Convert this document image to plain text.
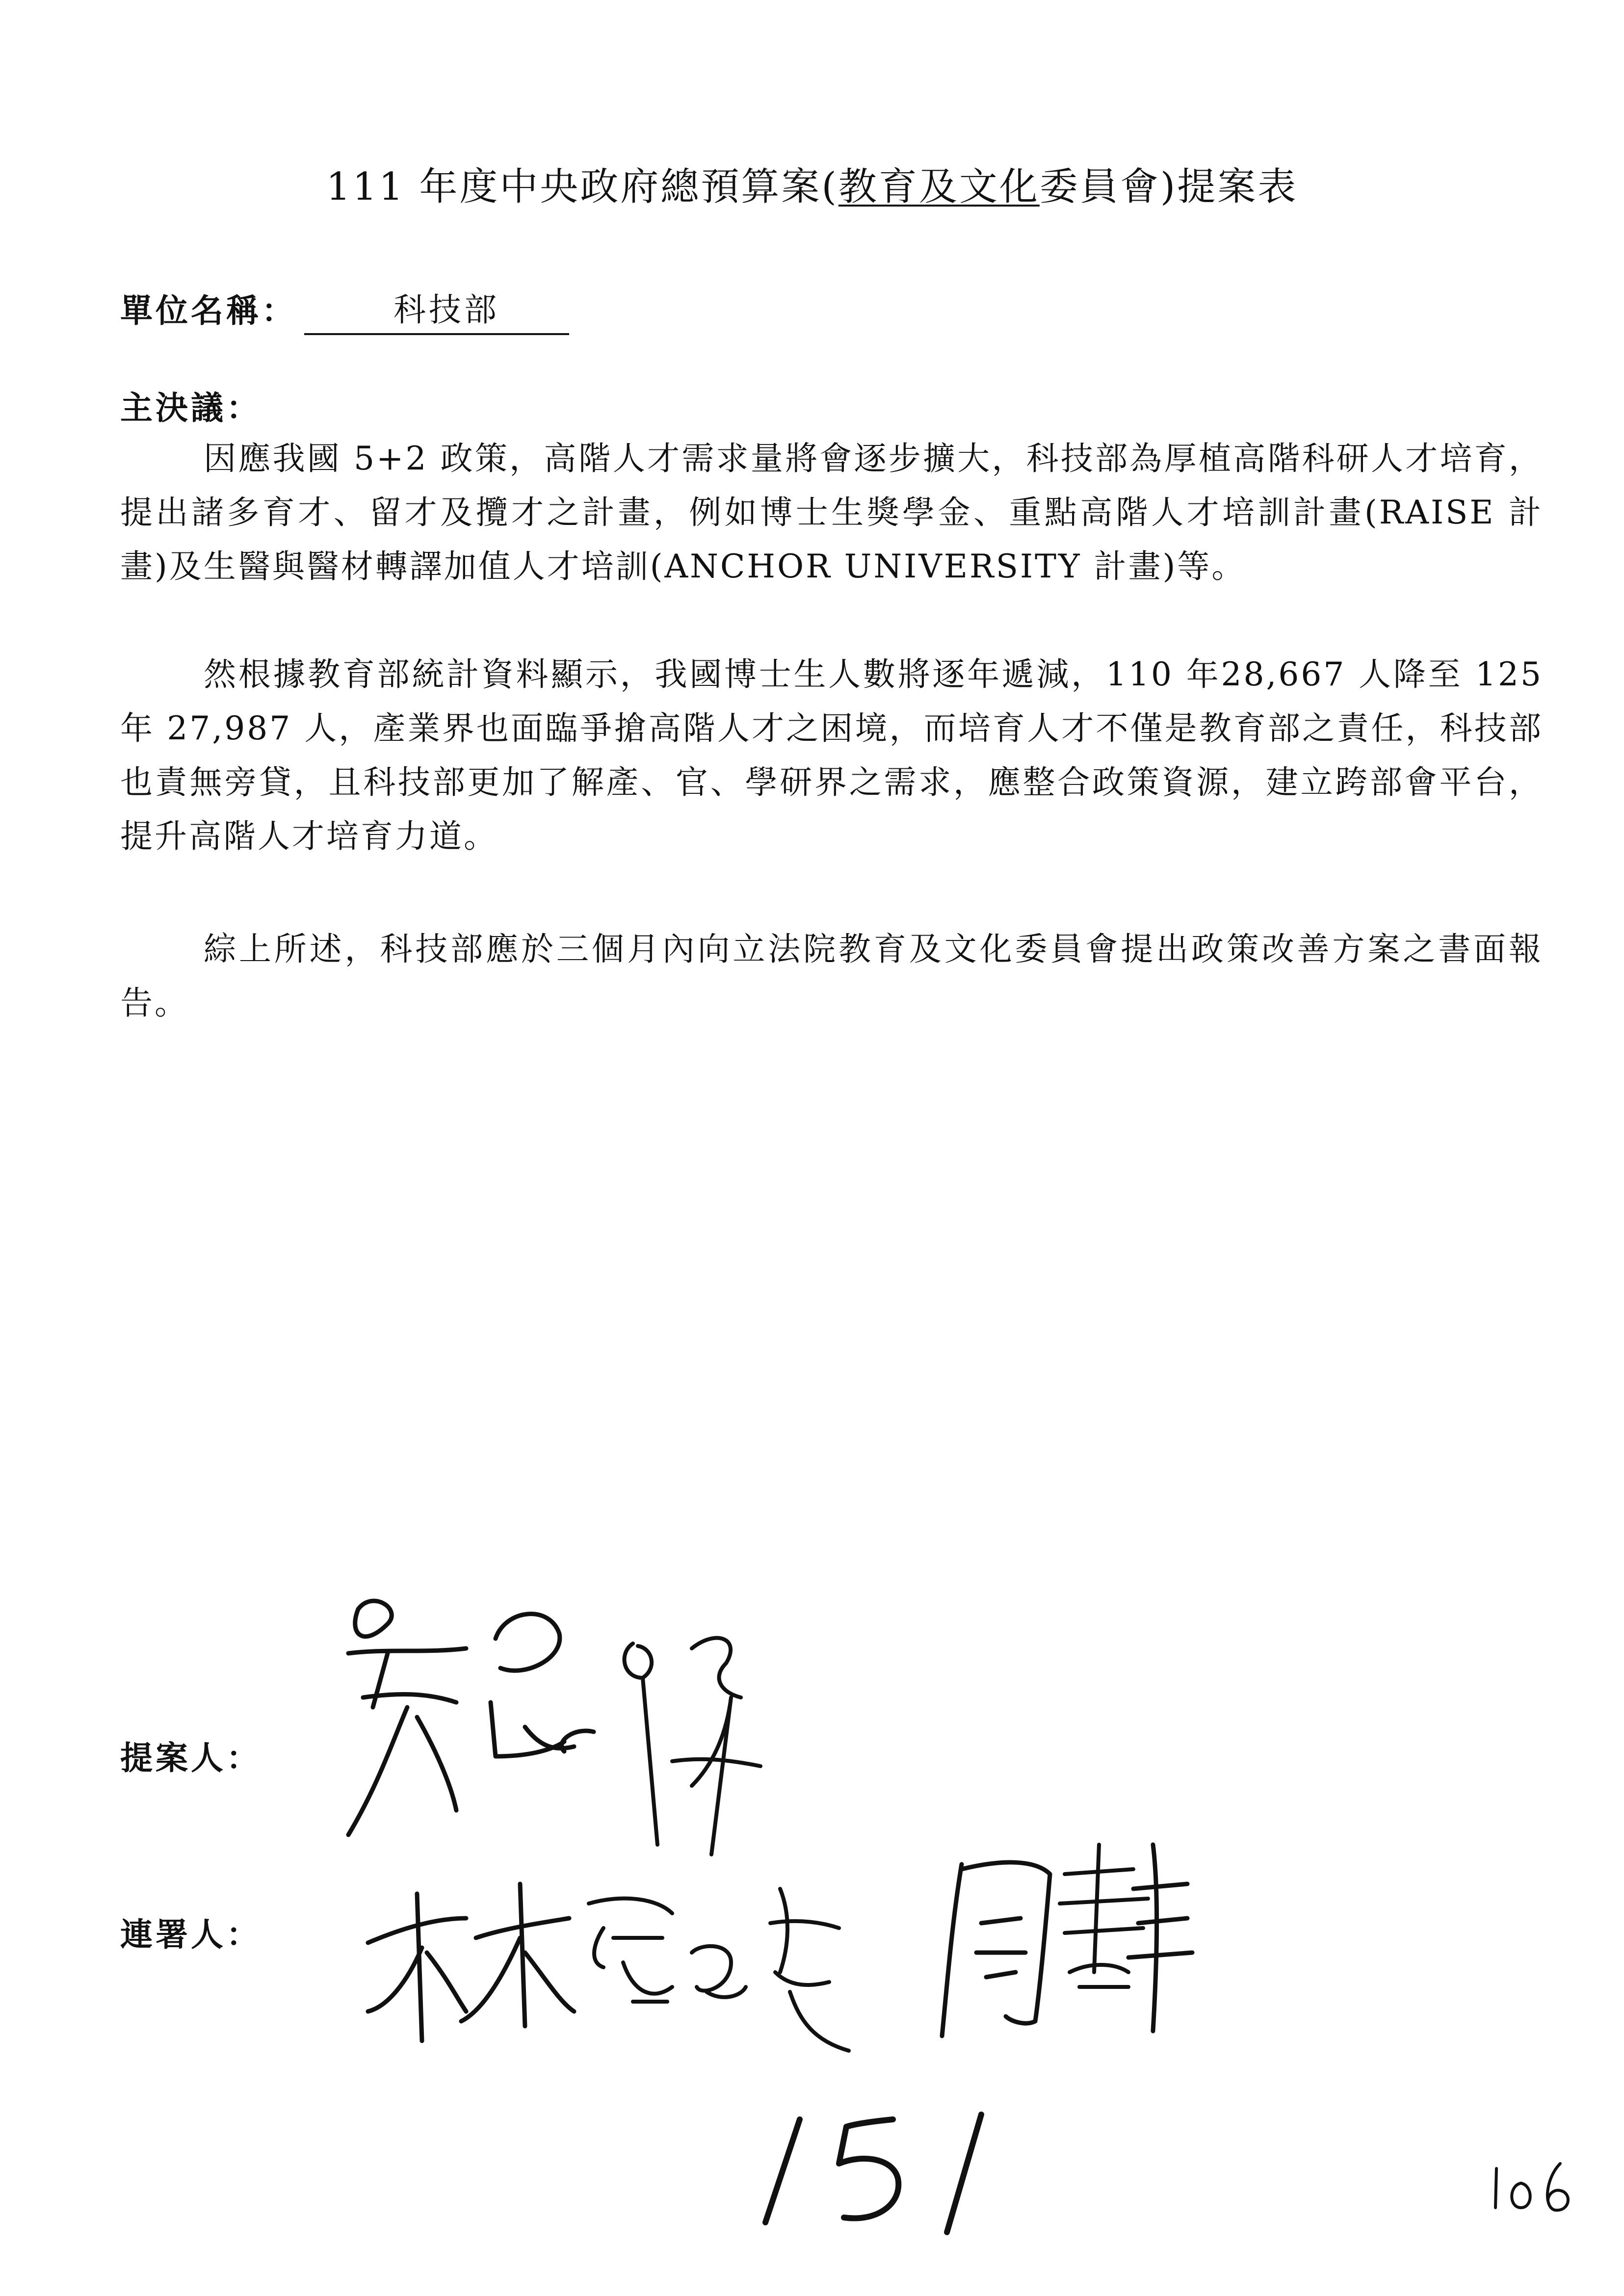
111 年度中央政府總預算案(教育及文化委員會)提案表
單位名稱：	科技部
主決議：
因應我國 5+2 政策，高階人才需求量將會逐步擴大，科技部為厚植高階科研人才培育，提出諸多育才、留才及攬才之計畫，例如博士生獎學金、重點高階人才培訓計畫(RAISE 計畫)及生醫與醫材轉譯加值人才培訓(ANCHOR UNIVERSITY 計畫)等。
然根據教育部統計資料顯示，我國博士生人數將逐年遞減，110 年28,667 人降至 125 年 27,987 人，產業界也面臨爭搶高階人才之困境，而培育人才不僅是教育部之責任，科技部也責無旁貸，且科技部更加了解產、官、學研界之需求，應整合政策資源，建立跨部會平台，提升高階人才培育力道。
綜上所述，科技部應於三個月內向立法院教育及文化委員會提出政策改善方案之書面報告。
提案人：
連署人：
